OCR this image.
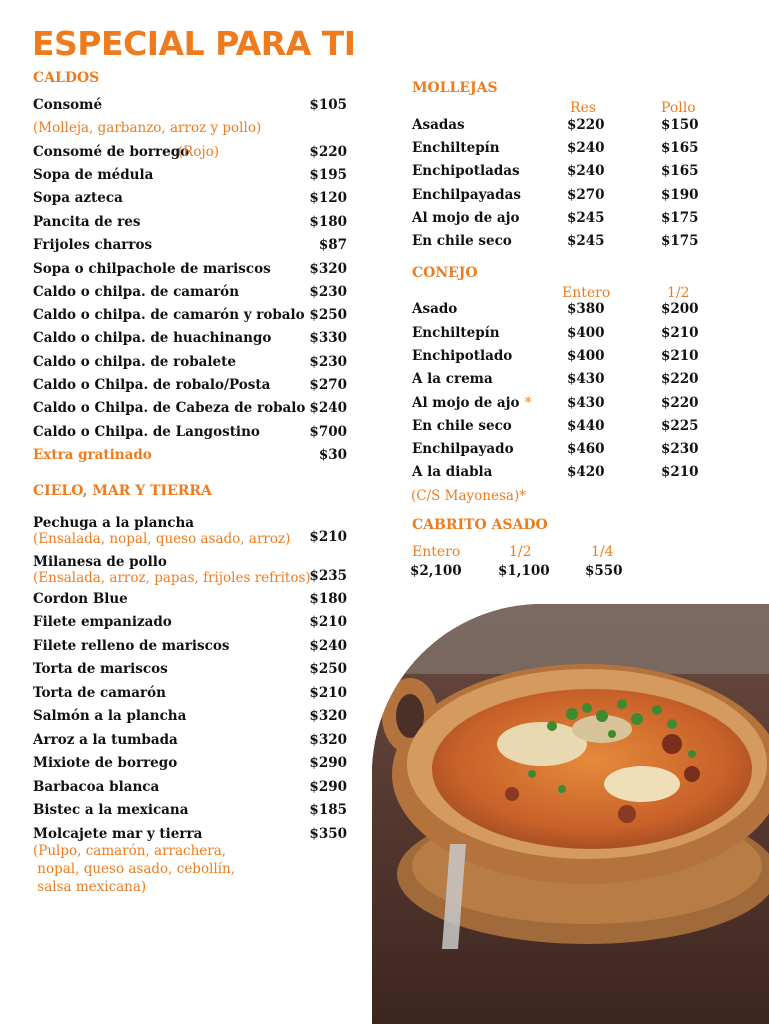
ESPECIAL PARA TI
CALDOS
Consomé	$105
(Molleja, garbanzo, arroz y pollo)
Consomé de borrego
(Rojo)	$220
Sopa de médula	$195
Sopa azteca	$120
Pancita de res	$180
Frijoles charros	$87
Sopa o chilpachole de mariscos	$320
Caldo o chilpa. de camarón	$230
Caldo o chilpa. de camarón y robalo $250
Caldo o chilpa. de huachinango	$330
Caldo o chilpa. de robalete	$230
Caldo o Chilpa. de robalo/Posta	$270
Caldo o Chilpa. de Cabeza de robalo $240
Caldo o Chilpa. de Langostino	$700
Extra gratinado	$30
CIELO, MAR Y TIERRA
Pechuga a la plancha
$210
(Ensalada, nopal, queso asado, arroz)
Milanesa de pollo
$235
(Ensalada, arroz, papas, frijoles refritos)
Cordon Blue	$180
Filete empanizado	$210
Filete relleno de mariscos	$240
Torta de mariscos	$250
Torta de camarón	$210
Salmón a la plancha	$320
Arroz a la tumbada	$320
Mixiote de borrego	$290
Barbacoa blanca	$290
Bistec a la mexicana	$185
Molcajete mar y tierra	$350
(Pulpo, camarón, arrachera,
nopal, queso asado, cebollín,
salsa mexicana)
MOLLEJAS
Res	Pollo
Asadas	$220	$150
Enchiltepín	$240	$165
Enchipotladas	$240	$165
Enchilpayadas	$270	$190
Al mojo de ajo	$245	$175
En chile seco	$245	$175
CONEJO
Entero	1/2
Asado	$380	$200
Enchiltepín	$400	$210
Enchipotlado	$400	$210
A la crema	$430	$220
Al mojo de ajo *	$430	$220
En chile seco	$440	$225
Enchilpayado	$460	$230
A la diabla	$420	$210
(C/S Mayonesa)*
CABRITO ASADO
Entero	1/2	1/4
$2,100	$1,100	$550
